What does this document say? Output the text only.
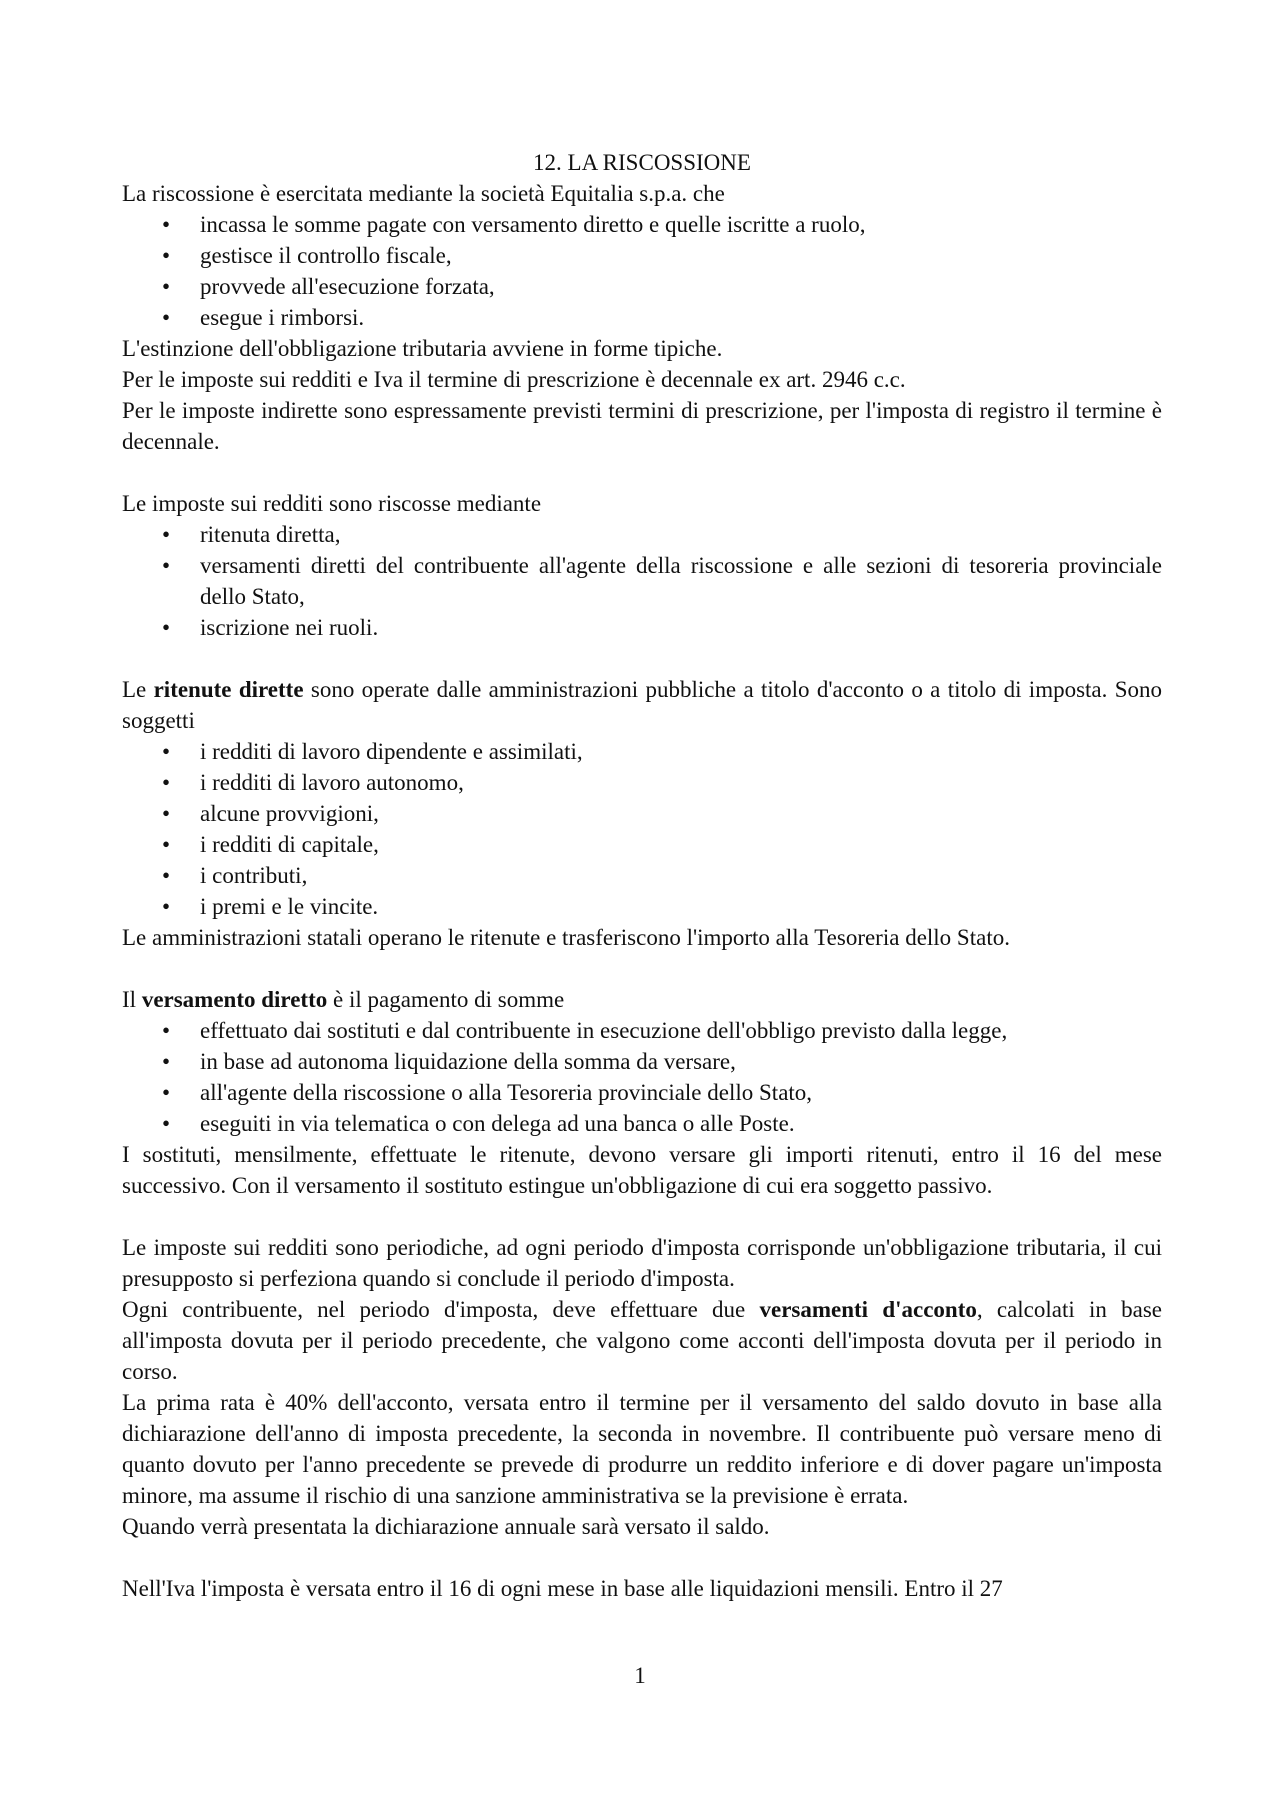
12. LA RISCOSSIONE

La riscossione è esercitata mediante la società Equitalia s.p.a. che

• incassa le somme pagate con versamento diretto e quelle iscritte a ruolo,
• gestisce il controllo fiscale,
• provvede all'esecuzione forzata,
• esegue i rimborsi.

L'estinzione dell'obbligazione tributaria avviene in forme tipiche.

Per le imposte sui redditi e Iva il termine di prescrizione è decennale ex art. 2946 c.c.

Per le imposte indirette sono espressamente previsti termini di prescrizione, per l'imposta di registro il termine è decennale.

Le imposte sui redditi sono riscosse mediante

• ritenuta diretta,
• versamenti diretti del contribuente all'agente della riscossione e alle sezioni di tesoreria provinciale dello Stato,
• iscrizione nei ruoli.

Le ritenute dirette sono operate dalle amministrazioni pubbliche a titolo d'acconto o a titolo di imposta. Sono soggetti

• i redditi di lavoro dipendente e assimilati,
• i redditi di lavoro autonomo,
• alcune provvigioni,
• i redditi di capitale,
• i contributi,
• i premi e le vincite.

Le amministrazioni statali operano le ritenute e trasferiscono l'importo alla Tesoreria dello Stato.

Il versamento diretto è il pagamento di somme

• effettuato dai sostituti e dal contribuente in esecuzione dell'obbligo previsto dalla legge,
• in base ad autonoma liquidazione della somma da versare,
• all'agente della riscossione o alla Tesoreria provinciale dello Stato,
• eseguiti in via telematica o con delega ad una banca o alle Poste.

I sostituti, mensilmente, effettuate le ritenute, devono versare gli importi ritenuti, entro il 16 del mese successivo. Con il versamento il sostituto estingue un'obbligazione di cui era soggetto passivo.

Le imposte sui redditi sono periodiche, ad ogni periodo d'imposta corrisponde un'obbligazione tributaria, il cui presupposto si perfeziona quando si conclude il periodo d'imposta.

Ogni contribuente, nel periodo d'imposta, deve effettuare due versamenti d'acconto, calcolati in base all'imposta dovuta per il periodo precedente, che valgono come acconti dell'imposta dovuta per il periodo in corso.

La prima rata è 40% dell'acconto, versata entro il termine per il versamento del saldo dovuto in base alla dichiarazione dell'anno di imposta precedente, la seconda in novembre. Il contribuente può versare meno di quanto dovuto per l'anno precedente se prevede di produrre un reddito inferiore e di dover pagare un'imposta minore, ma assume il rischio di una sanzione amministrativa se la previsione è errata.

Quando verrà presentata la dichiarazione annuale sarà versato il saldo.

Nell'Iva l'imposta è versata entro il 16 di ogni mese in base alle liquidazioni mensili. Entro il 27

1
